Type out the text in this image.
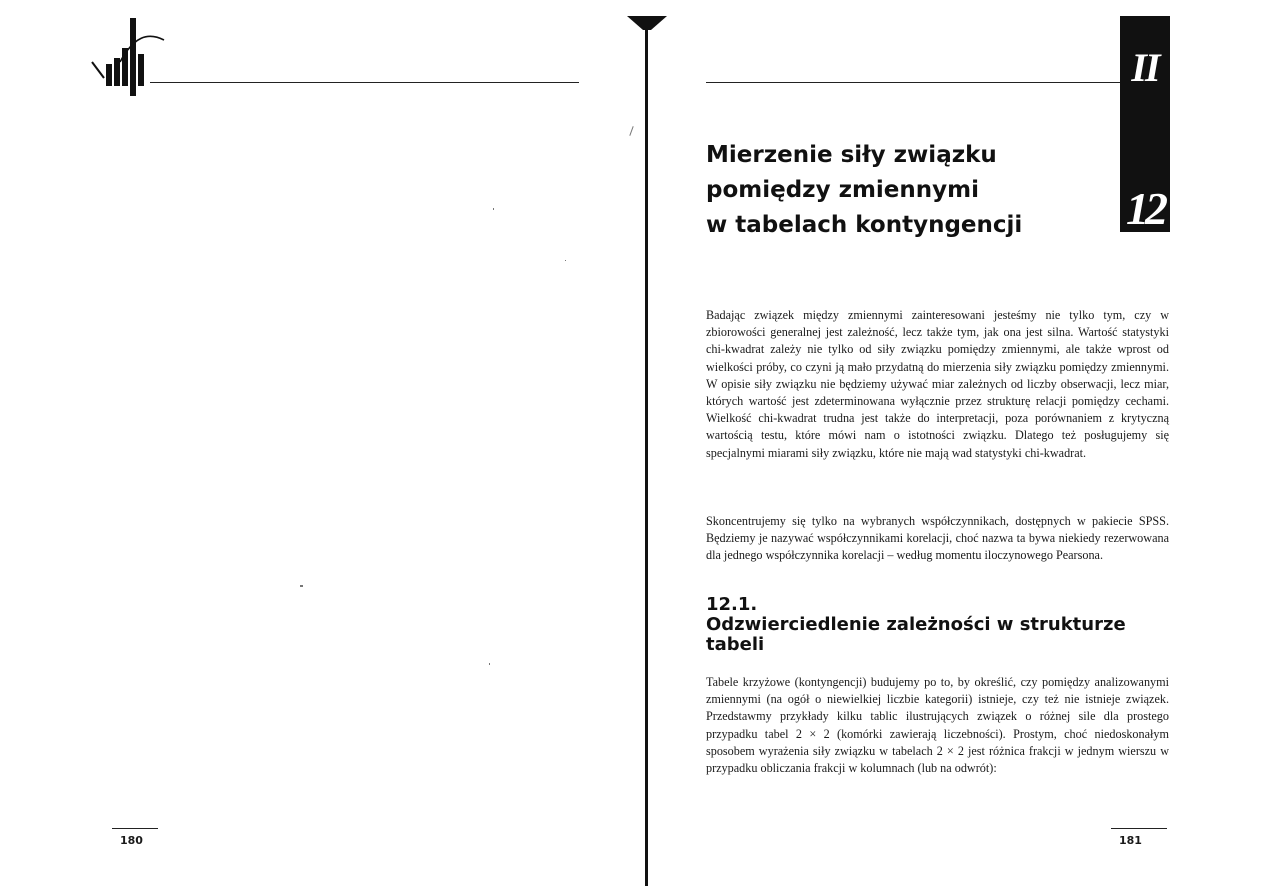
180
II
12
Mierzenie siły związku
pomiędzy zmiennymi
w tabelach kontyngencji

Badając związek między zmiennymi zainteresowani jesteśmy nie tylko tym, czy w zbiorowości generalnej jest zależność, lecz także tym, jak ona jest silna. Wartość statystyki chi-kwadrat zależy nie tylko od siły związku pomiędzy zmiennymi, ale także wprost od wielkości próby, co czyni ją mało przydatną do mierzenia siły związku pomiędzy zmiennymi. W opisie siły związku nie będziemy używać miar zależnych od liczby obserwacji, lecz miar, których wartość jest zdeterminowana wyłącznie przez strukturę relacji pomiędzy cechami. Wielkość chi-kwadrat trudna jest także do interpretacji, poza porównaniem z krytyczną wartością testu, które mówi nam o istotności związku. Dlatego też posługujemy się specjalnymi miarami siły związku, które nie mają wad statystyki chi-kwadrat.

Skoncentrujemy się tylko na wybranych współczynnikach, dostępnych w pakiecie SPSS. Będziemy je nazywać współczynnikami korelacji, choć nazwa ta bywa niekiedy rezerwowana dla jednego współczynnika korelacji – według momentu iloczynowego Pearsona.

12.1.
Odzwierciedlenie zależności w strukturze tabeli

Tabele krzyżowe (kontyngencji) budujemy po to, by określić, czy pomiędzy analizowanymi zmiennymi (na ogół o niewielkiej liczbie kategorii) istnieje, czy też nie istnieje związek. Przedstawmy przykłady kilku tablic ilustrujących związek o różnej sile dla prostego przypadku tabel 2 × 2 (komórki zawierają liczebności). Prostym, choć niedoskonałym sposobem wyrażenia siły związku w tabelach 2 × 2 jest różnica frakcji w jednym wierszu w przypadku obliczania frakcji w kolumnach (lub na odwrót):

181
